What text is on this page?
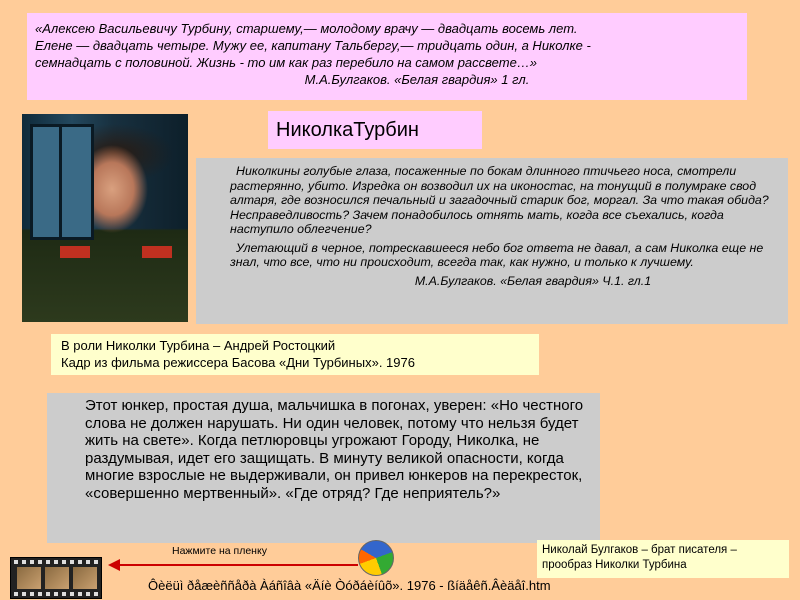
«Алексею Васильевичу Турбину, старшему,— молодому врачу — двадцать восемь лет.
Елене — двадцать четыре. Мужу ее, капитану Тальбергу,— тридцать один, а Николке -
семнадцать с половиной. Жизнь - то им как раз перебило на самом рассвете…»
М.А.Булгаков. «Белая гвардия» 1 гл.
НиколкаТурбин

Николкины голубые глаза, посаженные по бокам длинного птичьего носа, смотрели растерянно, убито. Изредка он возводил их на иконостас, на тонущий в полумраке свод алтаря, где возносился печальный и загадочный старик бог, моргал. За что такая обида? Несправедливость? Зачем понадобилось отнять мать, когда все съехались, когда наступило облегчение?

Улетающий в черное, потрескавшееся небо бог ответа не давал, а сам Николка еще не знал, что все, что ни происходит, всегда так, как нужно, и только к лучшему.

М.А.Булгаков. «Белая гвардия» Ч.1. гл.1

В роли Николки Турбина – Андрей Ростоцкий
Кадр из фильма режиссера Басова «Дни Турбиных». 1976
Этот юнкер, простая душа, мальчишка в погонах, уверен: «Но честного слова не должен нарушать. Ни один человек, потому что нельзя будет жить на свете». Когда петлюровцы угрожают Городу, Николка, не раздумывая, идет его защищать. В минуту великой опасности, когда многие взрослые не выдерживали, он привел юнкеров на перекресток, «совершенно мертвенный». «Где отряд? Где неприятель?»
Нажмите на пленку
Ôèëüì ðåæèññåðà Àáñîâà «Äíè Òóðáèíûõ». 1976 - ßíäåêñ.Âèäåî.htm
Николай Булгаков – брат писателя –
прообраз Николки Турбина
